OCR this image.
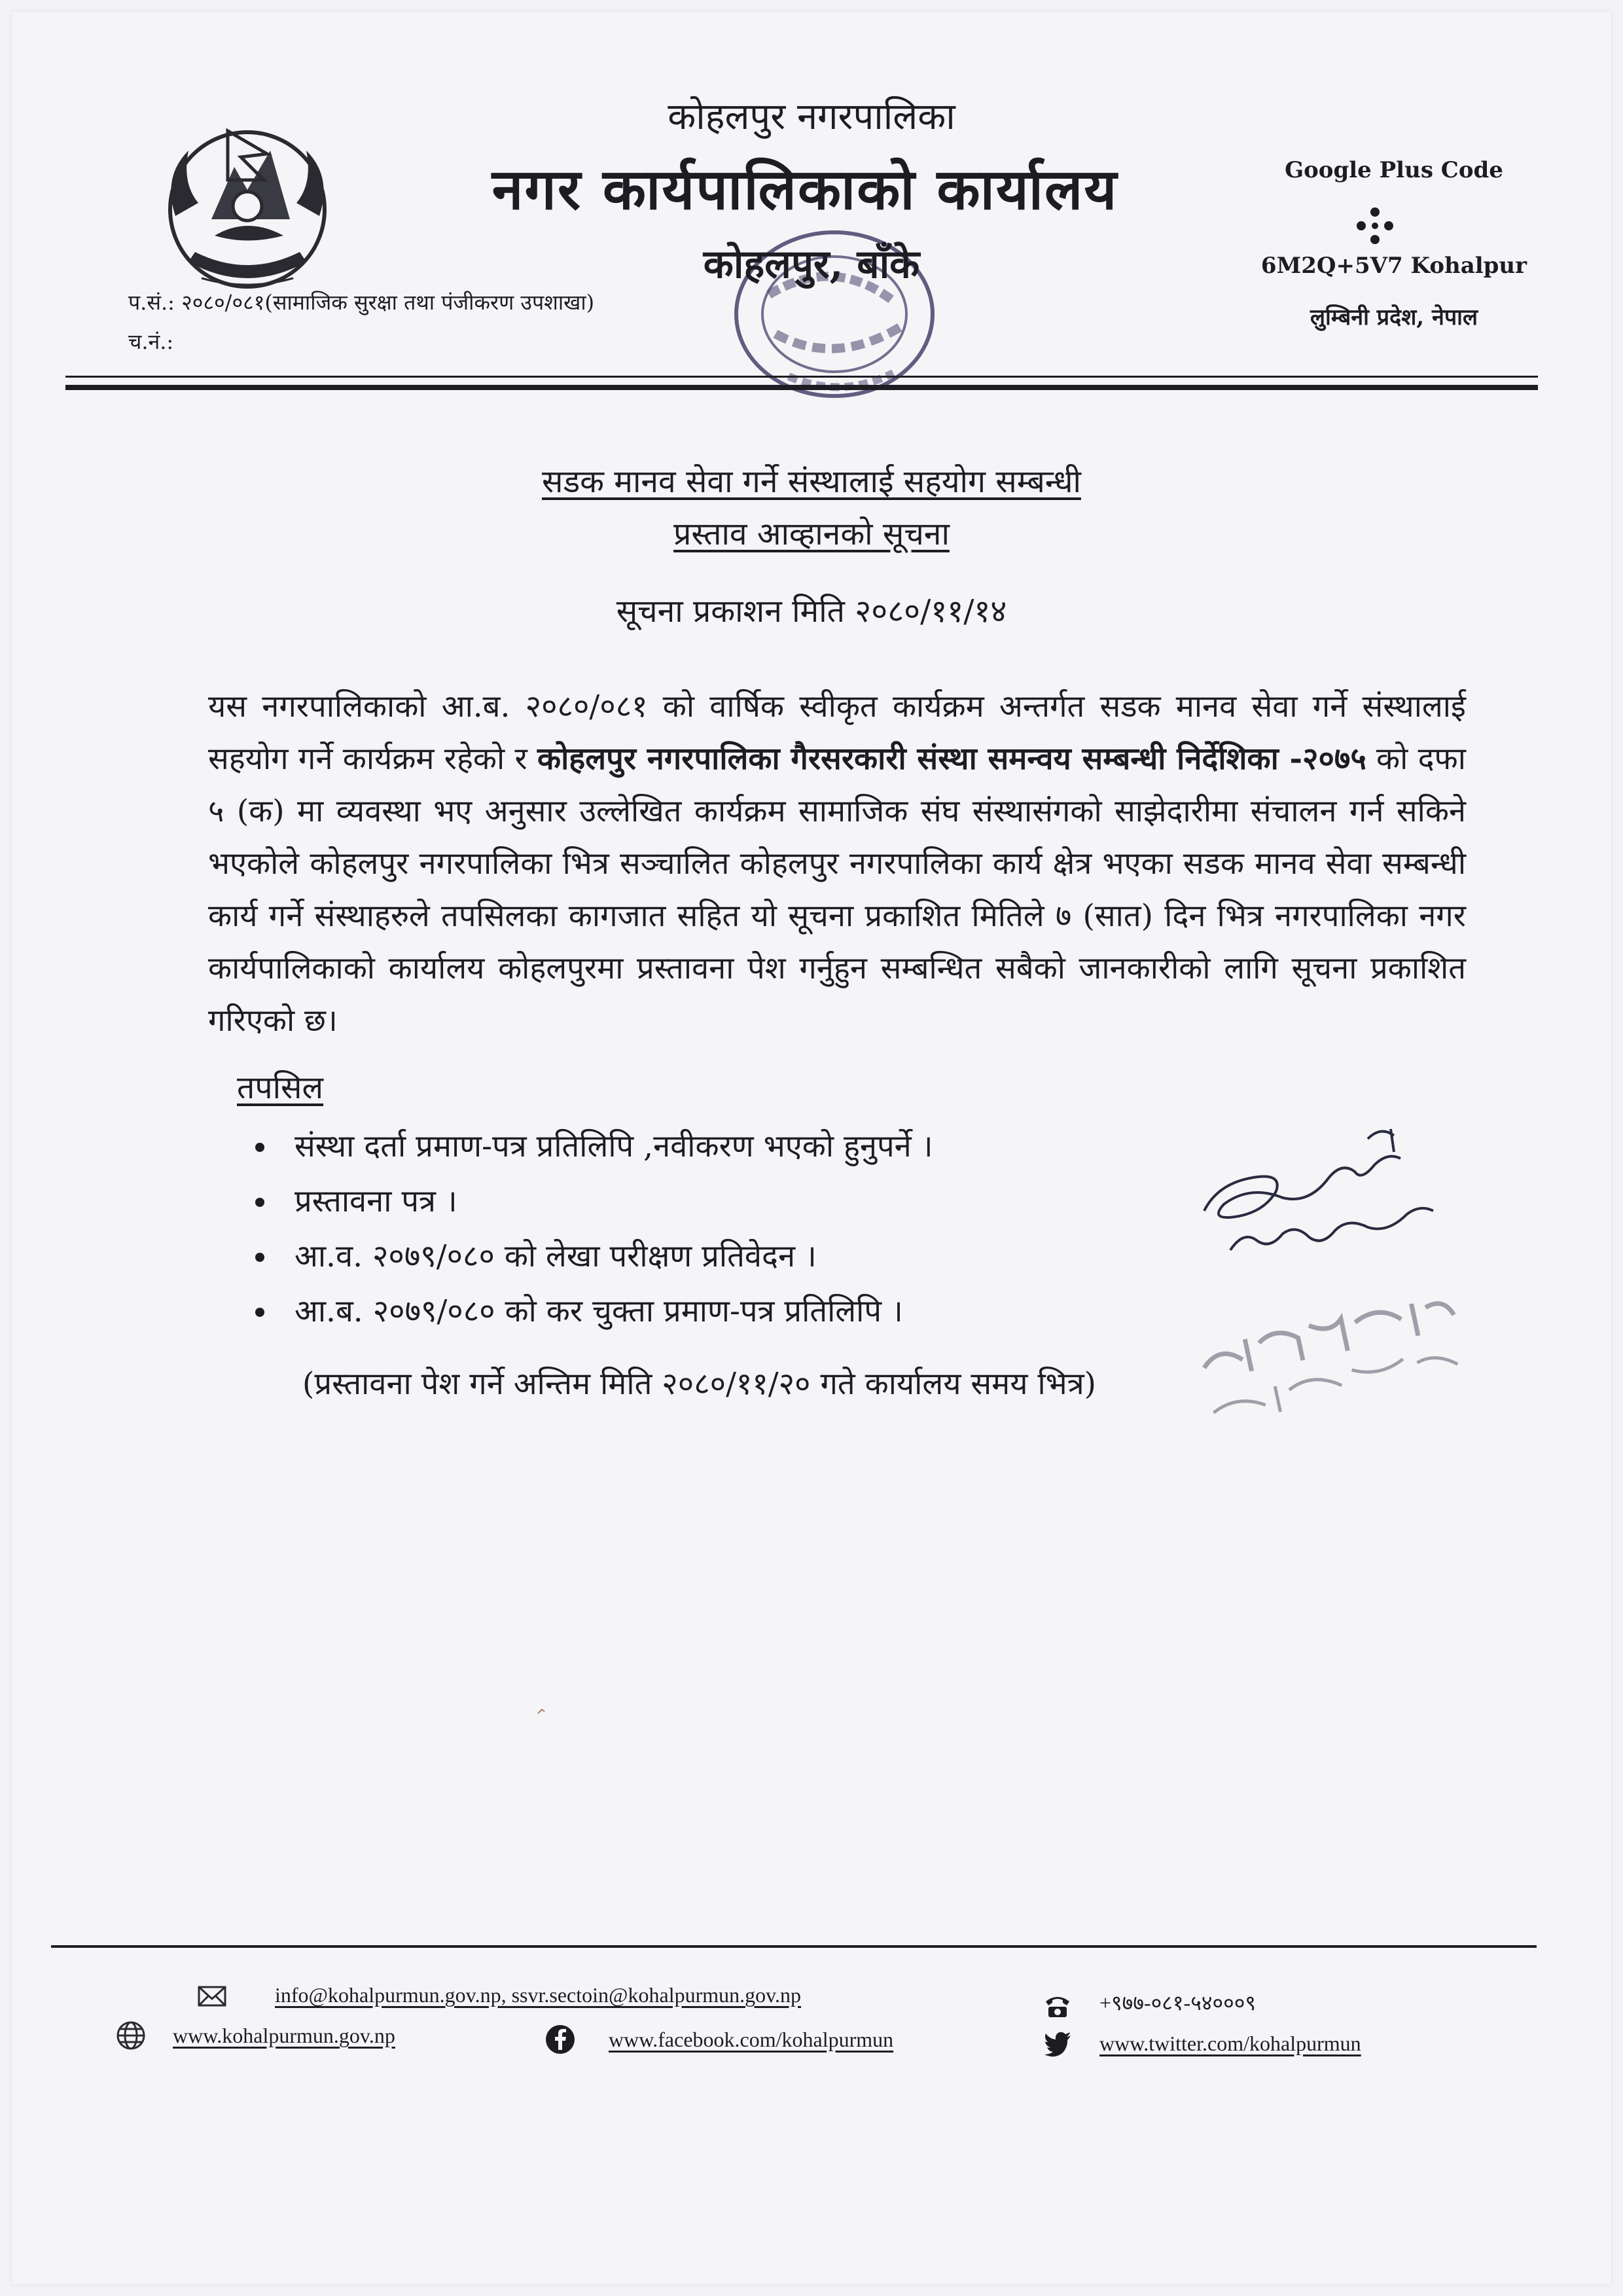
कोहलपुर नगरपालिका
नगर कार्यपालिकाको कार्यालय
कोहलपुर, बाँके
प.सं.: २०८०/०८१(सामाजिक सुरक्षा तथा पंजीकरण उपशाखा)
च.नं.:
Google Plus Code
6M2Q+5V7 Kohalpur
लुम्बिनी प्रदेश, नेपाल
सडक मानव सेवा गर्ने संस्थालाई सहयोग सम्बन्धी
प्रस्ताव आव्हानको सूचना
सूचना प्रकाशन मिति २०८०/११/१४
यस नगरपालिकाको आ.ब. २०८०/०८१ को वार्षिक स्वीकृत कार्यक्रम अन्तर्गत सडक मानव सेवा गर्ने संस्थालाई सहयोग गर्ने कार्यक्रम रहेको र कोहलपुर नगरपालिका गैरसरकारी संस्था समन्वय सम्बन्धी निर्देशिका -२०७५ को दफा ५ (क) मा व्यवस्था भए अनुसार उल्लेखित कार्यक्रम सामाजिक संघ संस्थासंगको साझेदारीमा संचालन गर्न सकिने भएकोले कोहलपुर नगरपालिका भित्र सञ्चालित कोहलपुर नगरपालिका कार्य क्षेत्र भएका सडक मानव सेवा सम्बन्धी कार्य गर्ने संस्थाहरुले तपसिलका कागजात सहित यो सूचना प्रकाशित मितिले ७ (सात) दिन भित्र नगरपालिका नगर कार्यपालिकाको कार्यालय कोहलपुरमा प्रस्तावना पेश गर्नुहुन सम्बन्धित सबैको जानकारीको लागि सूचना प्रकाशित गरिएको छ।
तपसिल
संस्था दर्ता प्रमाण-पत्र प्रतिलिपि ,नवीकरण भएको हुनुपर्ने ।
प्रस्तावना पत्र ।
आ.व. २०७९/०८० को लेखा परीक्षण प्रतिवेदन ।
आ.ब. २०७९/०८० को कर चुक्ता प्रमाण-पत्र प्रतिलिपि ।
(प्रस्तावना पेश गर्ने अन्तिम मिति २०८०/११/२० गते कार्यालय समय भित्र)
info@kohalpurmun.gov.np, ssvr.sectoin@kohalpurmun.gov.np
www.kohalpurmun.gov.np	www.facebook.com/kohalpurmun
+९७७-०८१-५४०००९
www.twitter.com/kohalpurmun
